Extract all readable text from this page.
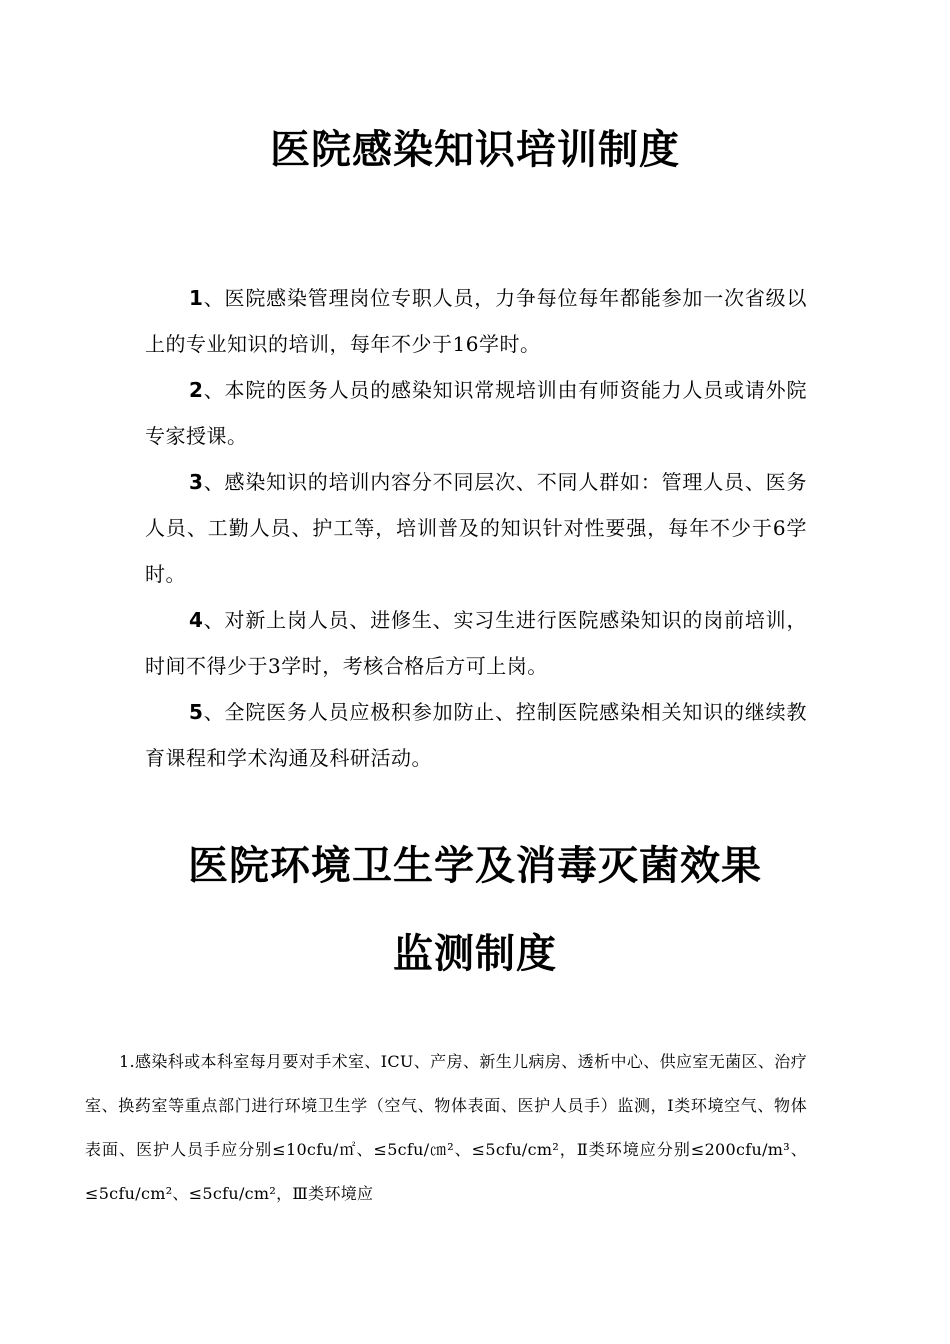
医院感染知识培训制度

1、医院感染管理岗位专职人员，力争每位每年都能参加一次省级以上的专业知识的培训，每年不少于16学时。

2、本院的医务人员的感染知识常规培训由有师资能力人员或请外院专家授课。

3、感染知识的培训内容分不同层次、不同人群如：管理人员、医务人员、工勤人员、护工等，培训普及的知识针对性要强，每年不少于6学时。

4、对新上岗人员、进修生、实习生进行医院感染知识的岗前培训，时间不得少于3学时，考核合格后方可上岗。

5、全院医务人员应极积参加防止、控制医院感染相关知识的继续教育课程和学术沟通及科研活动。

医院环境卫生学及消毒灭菌效果
监测制度

1.感染科或本科室每月要对手术室、ICU、产房、新生儿病房、透析中心、供应室无菌区、治疗室、换药室等重点部门进行环境卫生学（空气、物体表面、医护人员手）监测，Ⅰ类环境空气、物体表面、医护人员手应分别≤10cfu/㎡、≤5cfu/㎝²、≤5cfu/cm²，Ⅱ类环境应分别≤200cfu/m³、≤5cfu/cm²、≤5cfu/cm²，Ⅲ类环境应
